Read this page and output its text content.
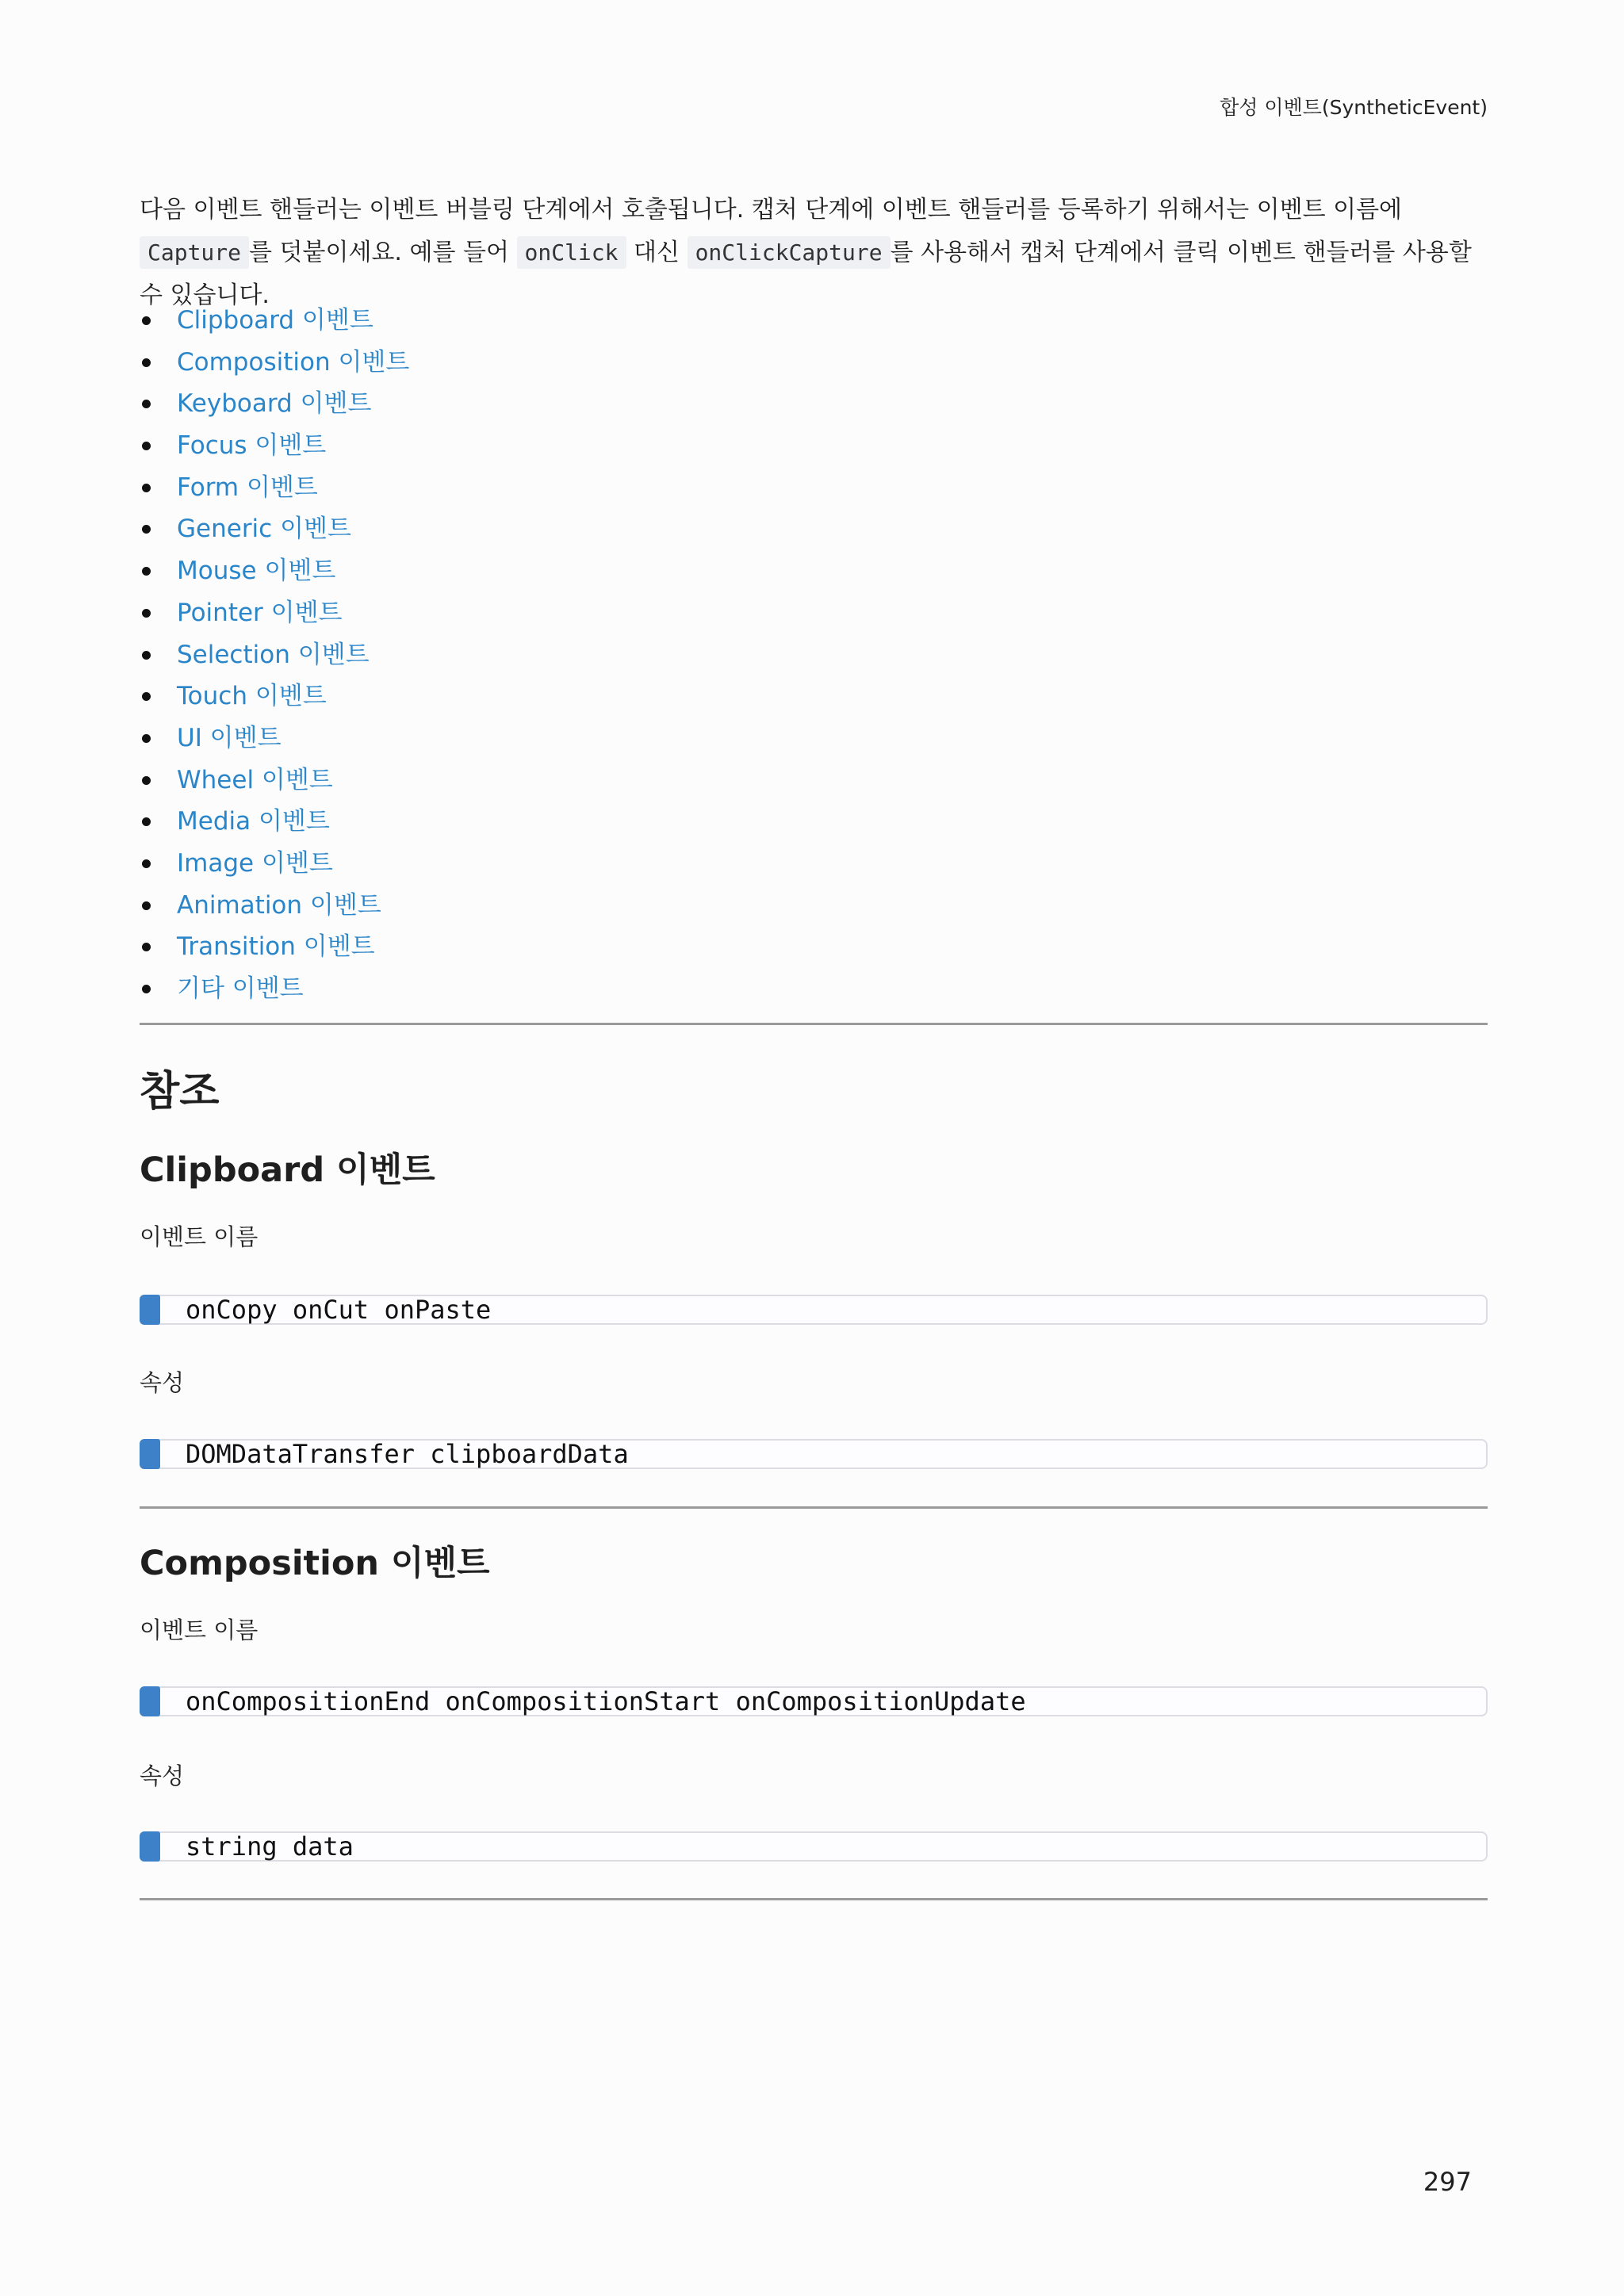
합성 이벤트(SyntheticEvent)
다음 이벤트 핸들러는 이벤트 버블링 단계에서 호출됩니다. 캡처 단계에 이벤트 핸들러를 등록하기 위해서는 이벤트 이름에 Capture 를 덧붙이세요. 예를 들어 onClick 대신 onClickCapture 를 사용해서 캡처 단계에서 클릭 이벤트 핸들러를 사용할 수 있습니다.
Clipboard 이벤트
Composition 이벤트
Keyboard 이벤트
Focus 이벤트
Form 이벤트
Generic 이벤트
Mouse 이벤트
Pointer 이벤트
Selection 이벤트
Touch 이벤트
UI 이벤트
Wheel 이벤트
Media 이벤트
Image 이벤트
Animation 이벤트
Transition 이벤트
기타 이벤트
참조
Clipboard 이벤트
이벤트 이름
onCopy onCut onPaste
속성
DOMDataTransfer clipboardData
Composition 이벤트
이벤트 이름
onCompositionEnd onCompositionStart onCompositionUpdate
속성
string data
297
